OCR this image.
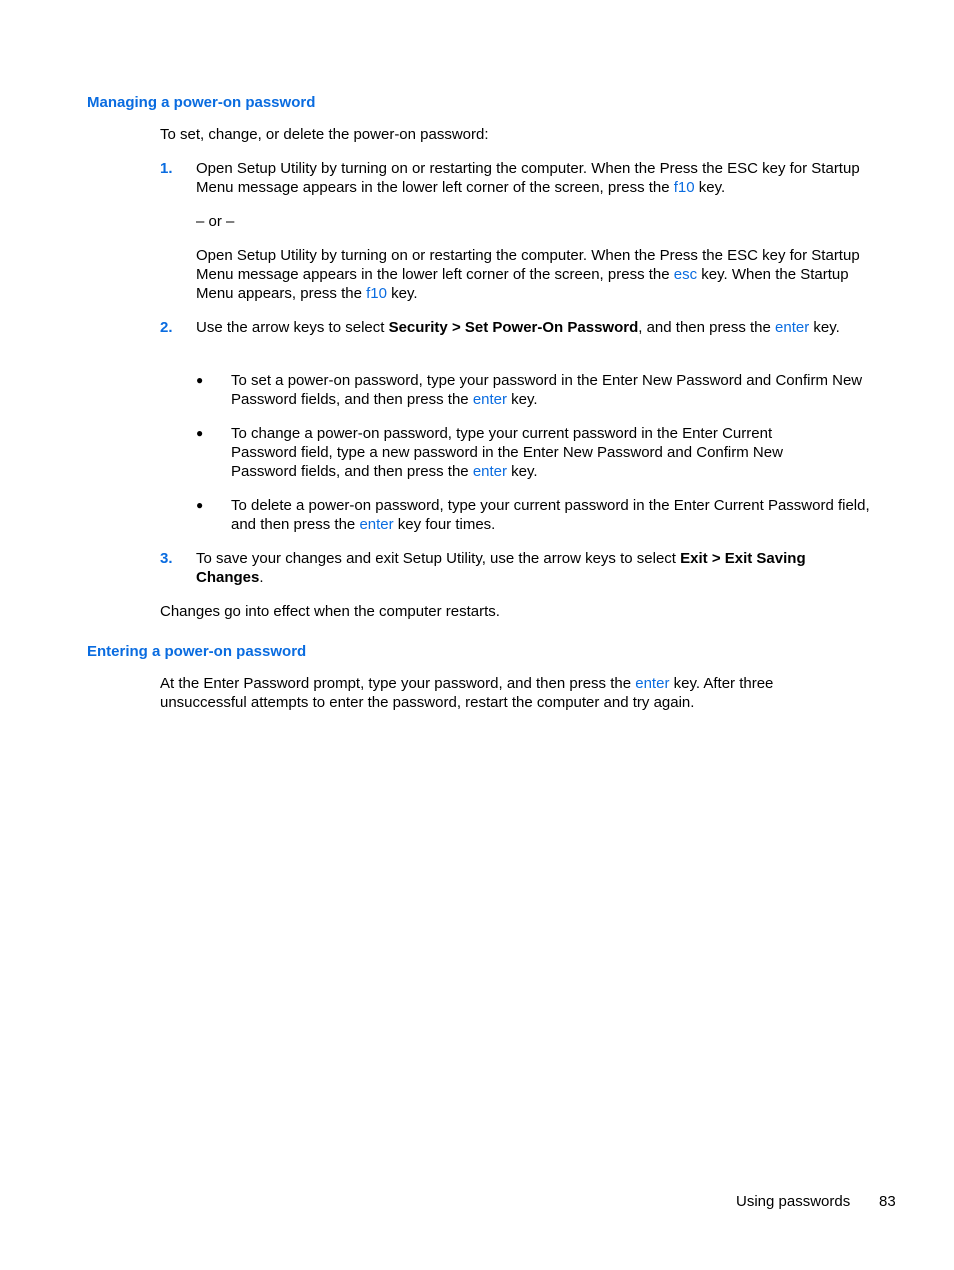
Managing a power-on password
To set, change, or delete the power-on password:
1. Open Setup Utility by turning on or restarting the computer. When the Press the ESC key for Startup Menu message appears in the lower left corner of the screen, press the f10 key.
– or –
Open Setup Utility by turning on or restarting the computer. When the Press the ESC key for Startup Menu message appears in the lower left corner of the screen, press the esc key. When the Startup Menu appears, press the f10 key.
2. Use the arrow keys to select Security > Set Power-On Password, and then press the enter key.
● To set a power-on password, type your password in the Enter New Password and Confirm New Password fields, and then press the enter key.
● To change a power-on password, type your current password in the Enter Current Password field, type a new password in the Enter New Password and Confirm New Password fields, and then press the enter key.
● To delete a power-on password, type your current password in the Enter Current Password field, and then press the enter key four times.
3. To save your changes and exit Setup Utility, use the arrow keys to select Exit > Exit Saving Changes.
Changes go into effect when the computer restarts.
Entering a power-on password
At the Enter Password prompt, type your password, and then press the enter key. After three unsuccessful attempts to enter the password, restart the computer and try again.
Using passwords 83
